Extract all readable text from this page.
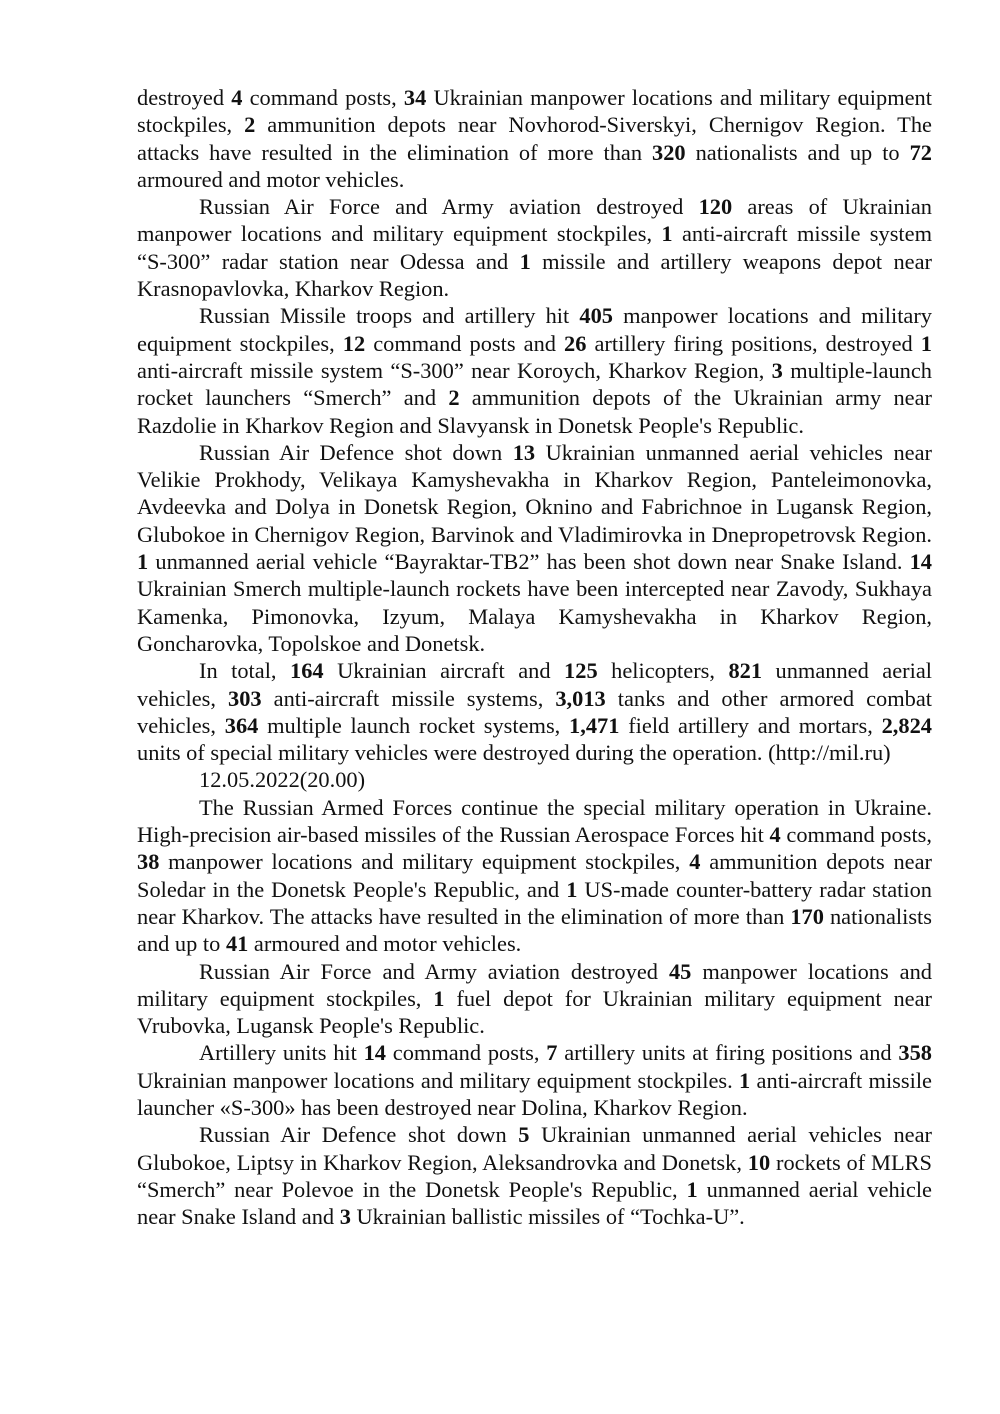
destroyed 4 command posts, 34 Ukrainian manpower locations and military equipment stockpiles, 2 ammunition depots near Novhorod-Siverskyi, Chernigov Region. The attacks have resulted in the elimination of more than 320 nationalists and up to 72 armoured and motor vehicles.

Russian Air Force and Army aviation destroyed 120 areas of Ukrainian manpower locations and military equipment stockpiles, 1 anti-aircraft missile system “S-300” radar station near Odessa and 1 missile and artillery weapons depot near Krasnopavlovka, Kharkov Region.

Russian Missile troops and artillery hit 405 manpower locations and military equipment stockpiles, 12 command posts and 26 artillery firing positions, destroyed 1 anti-aircraft missile system “S-300” near Koroych, Kharkov Region, 3 multiple-launch rocket launchers “Smerch” and 2 ammunition depots of the Ukrainian army near Razdolie in Kharkov Region and Slavyansk in Donetsk People's Republic.

Russian Air Defence shot down 13 Ukrainian unmanned aerial vehicles near Velikie Prokhody, Velikaya Kamyshevakha in Kharkov Region, Panteleimonovka, Avdeevka and Dolya in Donetsk Region, Oknino and Fabrichnoe in Lugansk Region, Glubokoe in Chernigov Region, Barvinok and Vladimirovka in Dnepropetrovsk Region. 1 unmanned aerial vehicle “Bayraktar-TB2” has been shot down near Snake Island. 14 Ukrainian Smerch multiple-launch rockets have been intercepted near Zavody, Sukhaya Kamenka, Pimonovka, Izyum, Malaya Kamyshevakha in Kharkov Region, Goncharovka, Topolskoe and Donetsk.

In total, 164 Ukrainian aircraft and 125 helicopters, 821 unmanned aerial vehicles, 303 anti-aircraft missile systems, 3,013 tanks and other armored combat vehicles, 364 multiple launch rocket systems, 1,471 field artillery and mortars, 2,824 units of special military vehicles were destroyed during the operation. (http://mil.ru)

12.05.2022(20.00)

The Russian Armed Forces continue the special military operation in Ukraine. High-precision air-based missiles of the Russian Aerospace Forces hit 4 command posts, 38 manpower locations and military equipment stockpiles, 4 ammunition depots near Soledar in the Donetsk People's Republic, and 1 US-made counter-battery radar station near Kharkov. The attacks have resulted in the elimination of more than 170 nationalists and up to 41 armoured and motor vehicles.

Russian Air Force and Army aviation destroyed 45 manpower locations and military equipment stockpiles, 1 fuel depot for Ukrainian military equipment near Vrubovka, Lugansk People's Republic.

Artillery units hit 14 command posts, 7 artillery units at firing positions and 358 Ukrainian manpower locations and military equipment stockpiles. 1 anti-aircraft missile launcher «S-300» has been destroyed near Dolina, Kharkov Region.

Russian Air Defence shot down 5 Ukrainian unmanned aerial vehicles near Glubokoe, Liptsy in Kharkov Region, Aleksandrovka and Donetsk, 10 rockets of MLRS “Smerch” near Polevoe in the Donetsk People's Republic, 1 unmanned aerial vehicle near Snake Island and 3 Ukrainian ballistic missiles of “Tochka-U”.
